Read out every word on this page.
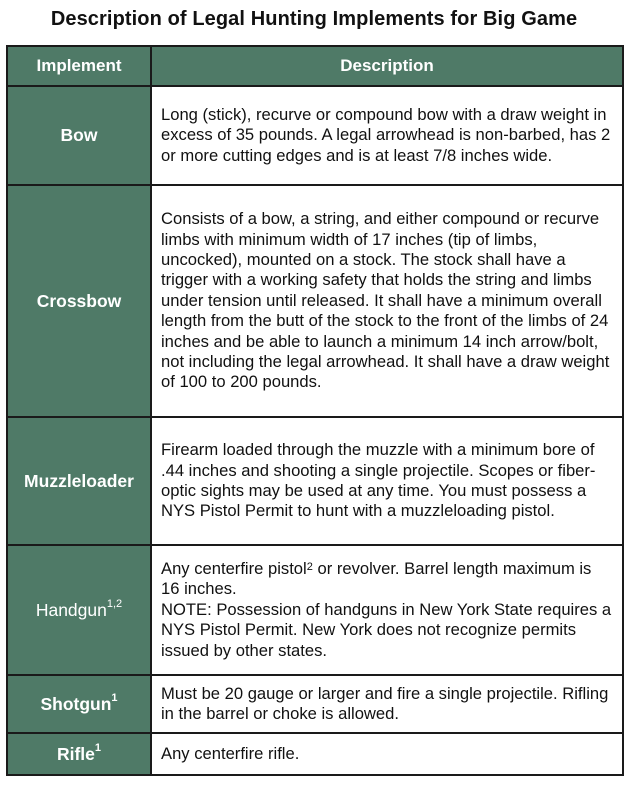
Description of Legal Hunting Implements for Big Game
Implement	Description
Bow	Long (stick), recurve or compound bow with a draw weight in excess of 35 pounds. A legal arrowhead is non-barbed, has 2 or more cutting edges and is at least 7/8 inches wide.
Crossbow	Consists of a bow, a string, and either compound or recurve limbs with minimum width of 17 inches (tip of limbs, uncocked), mounted on a stock. The stock shall have a trigger with a working safety that holds the string and limbs under tension until released. It shall have a minimum overall length from the butt of the stock to the front of the limbs of 24 inches and be able to launch a minimum 14 inch arrow/bolt, not including the legal arrowhead. It shall have a draw weight of 100 to 200 pounds.
Muzzleloader	Firearm loaded through the muzzle with a minimum bore of .44 inches and shooting a single projectile. Scopes or fiber-optic sights may be used at any time. You must possess a NYS Pistol Permit to hunt with a muzzleloading pistol.
Handgun$^{1,2}$	Any centerfire pistol$^2$ or revolver. Barrel length maximum is 16 inches.
NOTE: Possession of handguns in New York State requires a NYS Pistol Permit. New York does not recognize permits issued by other states.

Shotgun$^1$	Must be 20 gauge or larger and fire a single projectile. Rifling in the barrel or choke is allowed.
Rifle$^1$	Any centerfire rifle.
